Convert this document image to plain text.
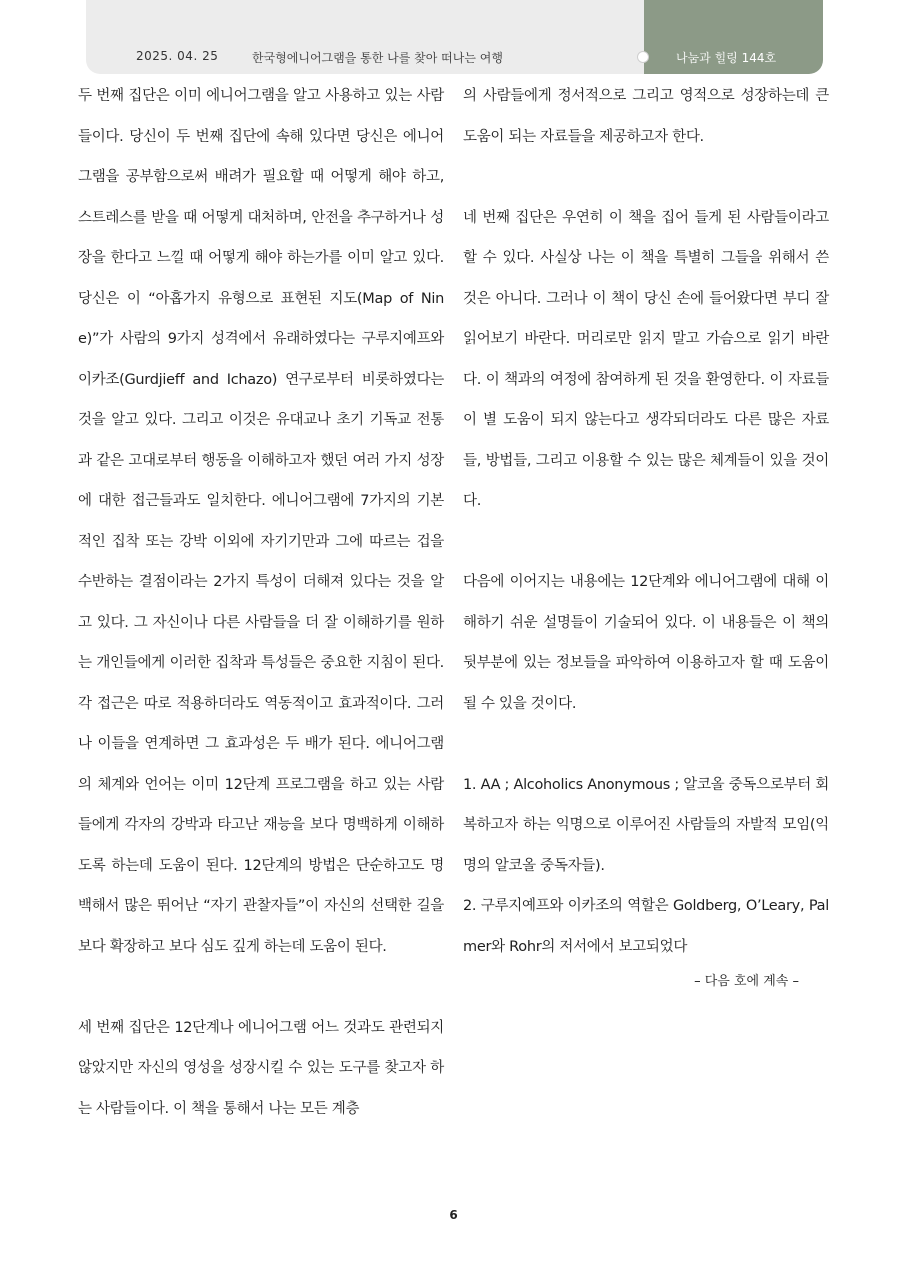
2025. 04. 25	한국형에니어그램을 통한 나를 찾아 떠나는 여행	나눔과 힐링 144호

두 번째 집단은 이미 에니어그램을 알고 사용하고 있는 사람들이다. 당신이 두 번째 집단에 속해 있다면 당신은 에니어그램을 공부함으로써 배려가 필요할 때 어떻게 해야 하고, 스트레스를 받을 때 어떻게 대처하며, 안전을 추구하거나 성장을 한다고 느낄 때 어떻게 해야 하는가를 이미 알고 있다. 당신은 이 “아홉가지 유형으로 표현된 지도(Map of Nine)”가 사람의 9가지 성격에서 유래하였다는 구루지예프와 이카조(Gurdjieff and Ichazo) 연구로부터 비롯하였다는 것을 알고 있다. 그리고 이것은 유대교나 초기 기독교 전통과 같은 고대로부터 행동을 이해하고자 했던 여러 가지 성장에 대한 접근들과도 일치한다. 에니어그램에 7가지의 기본적인 집착 또는 강박 이외에 자기기만과 그에 따르는 겁을 수반하는 결점이라는 2가지 특성이 더해져 있다는 것을 알고 있다. 그 자신이나 다른 사람들을 더 잘 이해하기를 원하는 개인들에게 이러한 집착과 특성들은 중요한 지침이 된다. 각 접근은 따로 적용하더라도 역동적이고 효과적이다. 그러나 이들을 연계하면 그 효과성은 두 배가 된다. 에니어그램의 체계와 언어는 이미 12단계 프로그램을 하고 있는 사람들에게 각자의 강박과 타고난 재능을 보다 명백하게 이해하도록 하는데 도움이 된다. 12단계의 방법은 단순하고도 명백해서 많은 뛰어난 “자기 관찰자들”이 자신의 선택한 길을 보다 확장하고 보다 심도 깊게 하는데 도움이 된다.

세 번째 집단은 12단계나 에니어그램 어느 것과도 관련되지 않았지만 자신의 영성을 성장시킬 수 있는 도구를 찾고자 하는 사람들이다. 이 책을 통해서 나는 모든 계층

의 사람들에게 정서적으로 그리고 영적으로 성장하는데 큰 도움이 되는 자료들을 제공하고자 한다.

네 번째 집단은 우연히 이 책을 집어 들게 된 사람들이라고 할 수 있다. 사실상 나는 이 책을 특별히 그들을 위해서 쓴 것은 아니다. 그러나 이 책이 당신 손에 들어왔다면 부디 잘 읽어보기 바란다. 머리로만 읽지 말고 가슴으로 읽기 바란다. 이 책과의 여정에 참여하게 된 것을 환영한다. 이 자료들이 별 도움이 되지 않는다고 생각되더라도 다른 많은 자료들, 방법들, 그리고 이용할 수 있는 많은 체계들이 있을 것이다.

다음에 이어지는 내용에는 12단계와 에니어그램에 대해 이해하기 쉬운 설명들이 기술되어 있다. 이 내용들은 이 책의 뒷부분에 있는 정보들을 파악하여 이용하고자 할 때 도움이 될 수 있을 것이다.

1. AA ; Alcoholics Anonymous ; 알코올 중독으로부터 회복하고자 하는 익명으로 이루어진 사람들의 자발적 모임(익명의 알코올 중독자들).

2. 구루지예프와 이카조의 역할은 Goldberg, O’Leary, Palmer와 Rohr의 저서에서 보고되었다

– 다음 호에 계속 –

6
